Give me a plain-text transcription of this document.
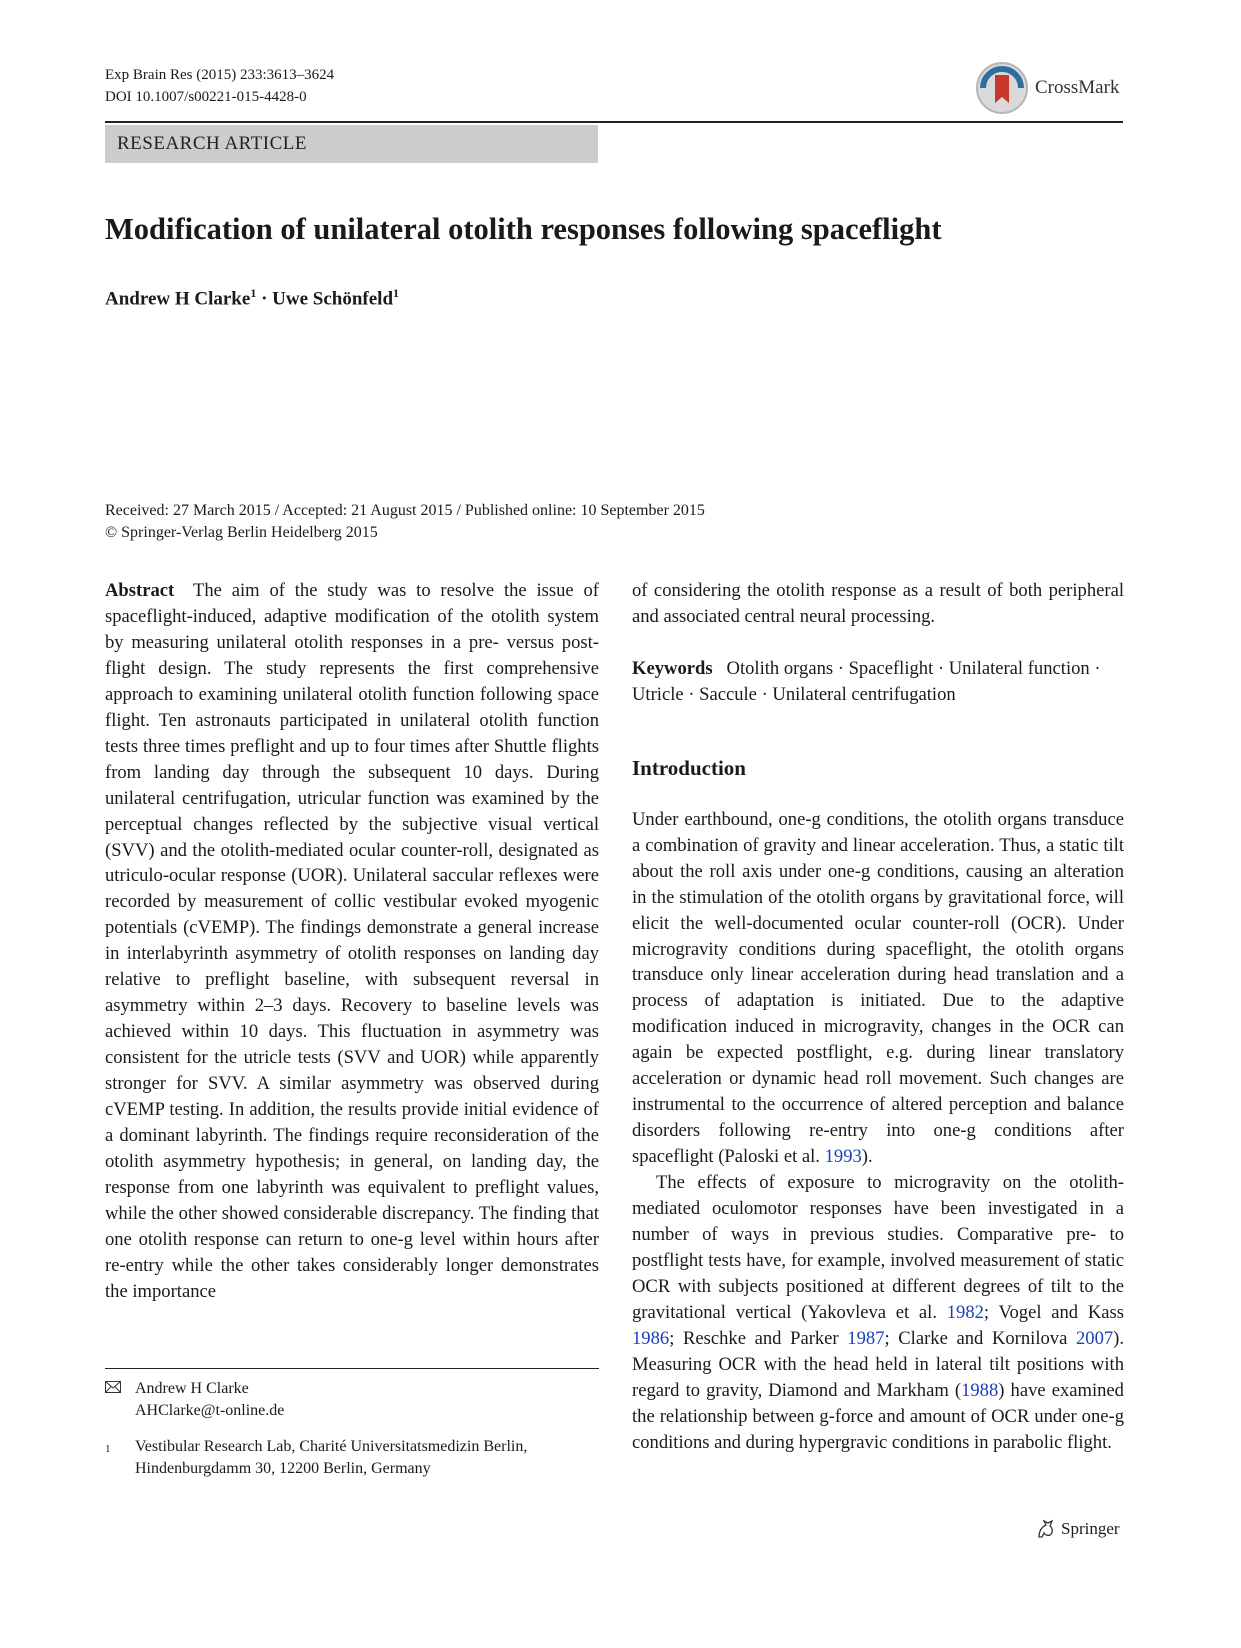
Exp Brain Res (2015) 233:3613–3624
DOI 10.1007/s00221-015-4428-0	CrossMark
RESEARCH ARTICLE
Modification of unilateral otolith responses following spaceflight
Andrew H Clarke$^1$ · Uwe Schönfeld$^1$
Received: 27 March 2015 / Accepted: 21 August 2015 / Published online: 10 September 2015
© Springer-Verlag Berlin Heidelberg 2015

Abstract  The aim of the study was to resolve the issue of spaceflight-induced, adaptive modification of the otolith system by measuring unilateral otolith responses in a pre- versus post-flight design. The study represents the first comprehensive approach to examining unilateral otolith function following space flight. Ten astronauts participated in unilateral otolith function tests three times preflight and up to four times after Shuttle flights from landing day through the subsequent 10 days. During unilateral centrifugation, utricular function was examined by the perceptual changes reflected by the subjective visual vertical (SVV) and the otolith-mediated ocular counter-roll, designated as utriculo-ocular response (UOR). Unilateral saccular reflexes were recorded by measurement of collic vestibular evoked myogenic potentials (cVEMP). The findings demonstrate a general increase in interlabyrinth asymmetry of otolith responses on landing day relative to preflight baseline, with subsequent reversal in asymmetry within 2–3 days. Recovery to baseline levels was achieved within 10 days. This fluctuation in asymmetry was consistent for the utricle tests (SVV and UOR) while apparently stronger for SVV. A similar asymmetry was observed during cVEMP testing. In addition, the results provide initial evidence of a dominant labyrinth. The findings require reconsideration of the otolith asymmetry hypothesis; in general, on landing day, the response from one labyrinth was equivalent to preflight values, while the other showed considerable discrepancy. The finding that one otolith response can return to one-g level within hours after re-entry while the other takes considerably longer demonstrates the importance

of considering the otolith response as a result of both peripheral and associated central neural processing.

Keywords  Otolith organs · Spaceflight · Unilateral function · Utricle · Saccule · Unilateral centrifugation

Introduction

Under earthbound, one-g conditions, the otolith organs transduce a combination of gravity and linear acceleration. Thus, a static tilt about the roll axis under one-g conditions, causing an alteration in the stimulation of the otolith organs by gravitational force, will elicit the well-documented ocular counter-roll (OCR). Under microgravity conditions during spaceflight, the otolith organs transduce only linear acceleration during head translation and a process of adaptation is initiated. Due to the adaptive modification induced in microgravity, changes in the OCR can again be expected postflight, e.g. during linear translatory acceleration or dynamic head roll movement. Such changes are instrumental to the occurrence of altered perception and balance disorders following re-entry into one-g conditions after spaceflight (Paloski et al. 1993).

The effects of exposure to microgravity on the otolith-mediated oculomotor responses have been investigated in a number of ways in previous studies. Comparative pre- to postflight tests have, for example, involved measurement of static OCR with subjects positioned at different degrees of tilt to the gravitational vertical (Yakovleva et al. 1982; Vogel and Kass 1986; Reschke and Parker 1987; Clarke and Kornilova 2007). Measuring OCR with the head held in lateral tilt positions with regard to gravity, Diamond and Markham (1988) have examined the relationship between g-force and amount of OCR under one-g conditions and during hypergravic conditions in parabolic flight.

Andrew H Clarke
AHClarke@t-online.de
1	Vestibular Research Lab, Charité Universitatsmedizin Berlin,
Hindenburgdamm 30, 12200 Berlin, Germany
Springer
